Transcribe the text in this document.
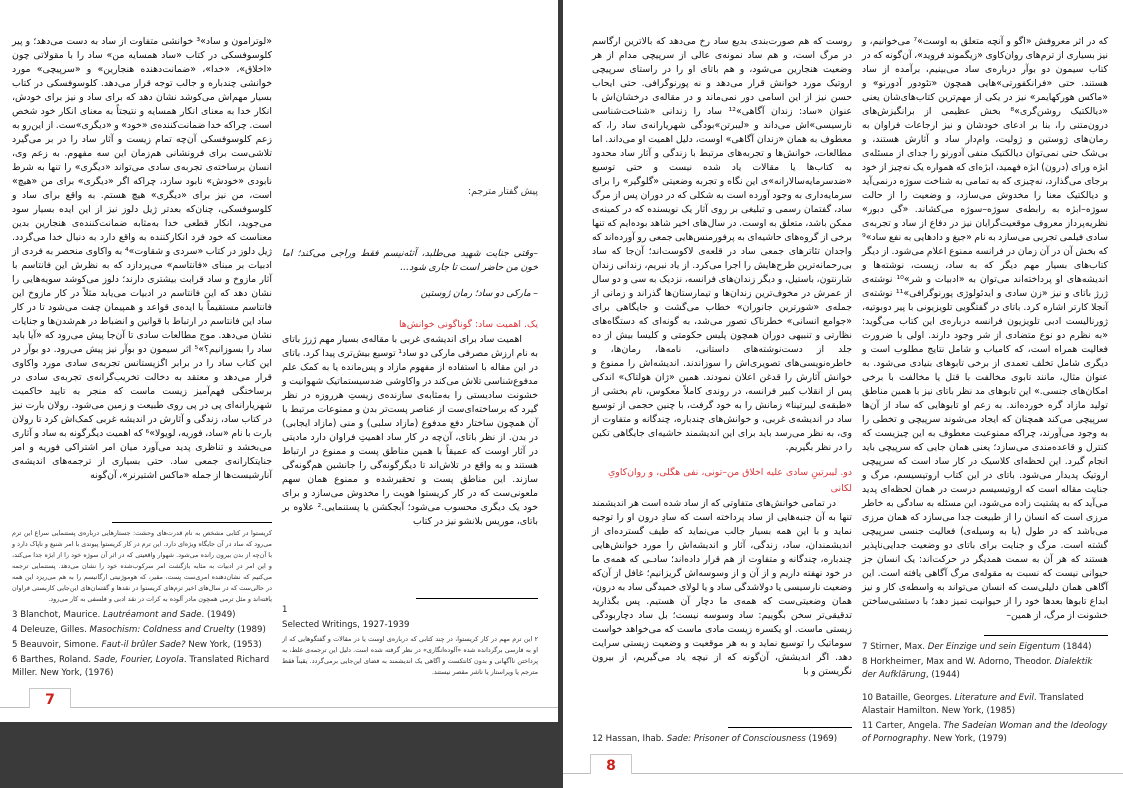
«لوترامون و ساد»³ خوانشی متفاوت از ساد به دست می‌دهد؛ و پیر کلوسوفسکی در کتاب «ساد همسایه من» ساد را با مقولاتی چون «اخلاق»، «خدا»، «ضمانت‌دهنده هنجارین» و «سرپیچی» مورد خوانشی چندباره و جالب توجه قرار می‌دهد. کلوسوفسکی در کتاب بسیار مهم‌اش می‌کوشد نشان دهد که برای ساد و نیز برای خودش، انکار خدا به معنای انکار همسایه و نتیجتاً به معنای انکار خود شخص است. چراکه خدا ضمانت‌کننده‌ی «خود» و «دیگری»‌ست. از این‌رو به زعم کلوسوفسکی آن‌چه تمام زیست و آثار ساد را در بر می‌گیرد تلاشی‌ست برای فرونشانی هم‌زمان این سه مفهوم. به زعم وی، انسان برساخته‌ی تجربه‌ی سادی می‌تواند «دیگری» را تنها به شرط نابودی «خودش» نابود سازد، چراکه اگر «دیگری» برای من «هیچ» است، من نیز برای «دیگری» هیچ هستم. به واقع برای ساد و کلوسوفسکی، چنان‌که بعدتر ژیل دلوز نیز از این ایده بسیار سود می‌جوید، انکار قطعی خدا به‌مثابه ضمانت‌کننده‌ی هنجارین بدین معناست که خود فرد انکارکننده به واقع دارد به دنبال خدا می‌گردد. ژیل دلوز در کتاب «سردی و شقاوت»⁴ به واکاوی منحصر به فردی از ادبیات بر مبنای «فانتاسم» می‌پردازد که به نظرش این فانتاسم با آثار مازوخ و ساد قرابت بیشتری دارند؛ دلوز می‌کوشد سویه‌هایی را نشان دهد که این فانتاسم در ادبیات می‌یابد مثلاً در کار مازوخ این فانتاسم مستقیماً با ایده‌ی قواعد و همپیمان چفت می‌شود تا در کار ساد این فانتاسم در ارتباط با قوانین و انضباط در هم‌شدن‌ها و جنایات نشان می‌دهد. موج مطالعات سادی تا آن‌جا پیش می‌رود که «آیا باید ساد را بسوزانیم؟»⁵ اثر سیمون دو بوآر نیز پیش می‌رود. دو بوآر در این کتاب ساد را در برابر اگزیستانس تجربه‌ی سادی مورد واکاوی قرار می‌دهد و معتقد به دخالت تخریب‌گرانه‌ی تجربه‌ی سادی در برساختگی فهم‌آمیز زیست ماست که منجر به تایید حاکمیت شهریارانه‌ای پی در پی روی طبیعت و زمین می‌شود. رولان بارت نیز در کتاب ساد، زندگی و آثارش در اندیشه غربی کمک‌اش کرد تا رولان بارت با نام «ساد، فوریه، لویولا»⁶ که اهمیت دیگرگونه به ساد و آثاری می‌بخشد و تناظری پدید می‌آورد میان امر اشتراکی فوریه و امر جنایتکارانه‌ی جمعی ساد. حتی بسیاری از ترجمه‌های اندیشه‌ی آنارشیست‌ها از جمله «ماکس اشتیرنر»، آن‌گونه

کریستوا در کتابی مشخص به نام قدرت‌های وحشت: جستارهایی درباره‌ی پستنمایی سراغ این ترم می‌رود که ساد در آن جایگاه ویژه‌ای دارد. این ترم در کار کریستوا پیوندی با امر شنیع و ناپاک دارد و با آن‌چه از بدن بیرون رانده می‌شود. شهوار واقعیتی که در اثر آن سوژه خود را از ابژه جدا می‌کند، و این امر در ادبیات به مثابه بازگشت امر سرکوب‌شده خود را نشان می‌دهد. پستنمایی ترجمه می‌کنیم که نشان‌دهنده امری‌ست پست، مقیر، که هوموژنیتی ارگانیسم را به هم می‌ریزد این همه در حالی‌ست که در سال‌های اخیر ترم‌های کریستوا در نقدها و گفتمان‌های این‌جایی کاربستی فراوان یافته‌اند و مثل ترمی همچون مادر آلوده به کرات در نقد ادبی و فلسفی به کار می‌رود.

3 Blanchot, Maurice. Lautréamont and Sade. (1949)

4 Deleuze, Gilles. Masochism: Coldness and Cruelty (1989)

5 Beauvoir, Simone. Faut-il brûler Sade? New York, (1953)

6 Barthes, Roland. Sade, Fourier, Loyola. Translated Richard Miller. New York, (1976)

پیش گفتار مترجم:

–وقتی جنایت شهید می‌طلبد، آتئه‌نیسم فقط وراجی می‌کند؛ اما خون من حاضر است تا جاری شود...

– مارکی دو ساد؛ رمان ژوستین

یک. اهمیت ساد: گوناگونی خوانش‌ها

اهمیت ساد برای اندیشه‌ی غربی با مقاله‌ی بسیار مهم ژرژ باتای به نام ارزش مصرفی مارکی دو ساد¹ توسیع بیش‌تری پیدا کرد. باتای در این مقاله با استفاده از مفهوم مازاد و پس‌مانده یا به کمک علم مدفوع‌شناسی تلاش می‌کند در واکاوشی ضدسیستماتیک شهوانیت و خشونت سادیستی را به‌مثابه‌ی سازنده‌ی زیستِ هرروزه در نظر گیرد که برساخته‌ای‌ست از عناصر پست‌تر بدن و ممنوعات مرتبط با آن همچون ساختار دفع مدفوع (مازاد سلبی) و منی (مازاد ایجابی) در بدن. از نظر باتای، آن‌چه در کار ساد اهمیتِ فراوان دارد مادیتی در آثار اوست که عمیقاً با همین مناطق پست و ممنوع در ارتباط هستند و به واقع در تلاش‌اند تا دیگرگونه‌گی را جانشین هم‌گونه‌گی سازند. این مناطق پست و تحقیرشده و ممنوع همان سهم ملعونی‌ست که در کار کریستوا هویت را مخدوش می‌سازد و برای خود یک دیگری محسوب می‌شود؛ آبجکشن یا پستنمایی.² علاوه بر باتای، موریس بلانشو نیز در کتاب

1

Selected Writings, 1927-1939

۲ این ترم مهم در کار کریستوا، در چند کتابی که درباره‌ی اوست یا در مقالات و گفتگوهایی که از او به فارسی برگردانده شده «آلوده‌انگاری» در نظر گرفته شده است. دلیل این ترجمه‌ی غلط، به پرداختن ناآگهانی و بدون کانتکست و آگاهی یک اندیشمند به فضای این‌جایی برمی‌گردد. یقیناً فقط مترجم یا ویراستار یا ناشر مقصر نیستند.

7

روست که هم صورت‌بندی بدیع ساد رخ می‌دهد که بالاترین ارگاسم در مرگ است، و هم ساد نمونه‌ی عالی از سرپیچی مدام از هر وضعیت هنجارین می‌شود، و هم باتای او را در راستای سرپیچی اروتیک مورد خوانش قرار می‌دهد و نه پورنوگرافی. حتی ایحاب حسن نیز از این اسامی دور نمی‌ماند و در مقاله‌ی درخشان‌اش با عنوان «ساد: زندان آگاهی»¹² ساد را زندانی «شناخت‌شناسی نارسیسی»‌اش می‌داند و «لیبرتن»بودگی شهریارانه‌ی ساد را، که معطوف به همان «زندان آگاهی» اوست، دلیل اهمیت او می‌داند. اما مطالعات، خوانش‌ها و تجربه‌های مرتبط با زندگی و آثار ساد محدود به کتاب‌ها یا مقالات یاد شده نیست و حتی توسیع «ضدسرمایه‌سالارانه»ی این نگاه و تجربه وضعیتی «گلوگیر» را برای سرمایه‌داری به وجود آورده است به شکلی که در دوران پس از مرگ ساد، گفتمان رسمی و تبلیغی بر روی آثار یک نویسنده که در کمینه‌ی ممکن باشد، متعلق به اوست. در سال‌های اخیر شاهد بوده‌ایم که تنها برخی از گروه‌های حاشیه‌ای به پرفورمنس‌هایی جمعی رو آورده‌اند که واجدان تئاترهای جمعی ساد در قلعه‌ی لاکوست‌اند؛ آن‌جا که ساد بی‌رحمانه‌ترین طرح‌هایش را اجرا می‌کرد. از یاد نبریم، زندانی زندان شارنتون، باستیل، و دیگر زندان‌های فرانسه، نزدیک به سی و دو سال از عمرش در مخوف‌ترین زندان‌ها و تیمارستان‌ها گذراند و زمانی از جمله‌ی «شورترین جانوران» خطاب می‌گشت و جایگاهی برای «جوامع انسانی» خطرناک تصور می‌شد، به گونه‌ای که دستگاه‌های نظارتی و تنبیهی دوران همچون پلیس حکومتی و کلیسا بیش از ده جلد از دست‌نوشته‌های داستانی، نامه‌ها، رمان‌ها، و خاطره‌نویسی‌های تصویری‌اش را سوزاندند. اندیشه‌اش را ممنوع و خوانش آثارش را قدغن اعلان نمودند. همین «ژان هولتاک» اندکی پس از انقلاب کبیر فرانسه، در روندی کاملاً معکوس، نام بخشی از «طبقه‌ی لیبرتینا» زمانش را به خود گرفت، با چنین حجمی از توسیع ساد در اندیشه‌ی غربی، و خوانش‌های چندباره، چندگانه و متفاوت از وی، به نظر می‌رسد باید برای این اندیشمند حاشیه‌ای جایگاهی تکین را در نظر بگیریم.

دو. لیبرتینِ سادی علیه اخلاق من–تونی، نفی هگلی، و روان‌کاویِ لکانی

در تمامی خوانش‌های متفاوتی که از ساد شده است هر اندیشمند تنها به آن جنبه‌هایی از ساد پرداخته است که سادِ درون او را توجیه نماید و با این همه بسیار جالب می‌نماید که طیف گسترده‌ای از اندیشمندان، ساد، زندگی، آثار و اندیشه‌اش را مورد خوانش‌هایی چندباره، چندگانه و متفاوت از هم قرار داده‌اند؛ سادـی که همه‌ی ما در خود نهفته داریم و از آن و از وسوسه‌اش گریزانیم؛ غافل از آن‌که وضعیت نارسیسی یا دولاشدگی ساد و یا لولای خمیدگی ساد به درون، همان وضعیتی‌ست که همه‌ی ما دچار آن هستیم. پس بگذارید تدقیقی‌تر سخن بگوییم: ساد وسوسه نیست؛ بل ساد دچاربودگی زیستی ماست. او یکسره زیست مادی ماست که می‌خواهد خواست سوماتیک را توسیع نماید و به هر موقعیت و وضعیت زیستی سرایت دهد. اگر اندیشش، آن‌گونه که از نیچه یاد می‌گیریم، از بیرون نگریستن و با

12 Hassan, Ihab. Sade: Prisoner of Consciousness (1969)

که در اثر معروفش «اگو و آنچه متعلق به اوست»⁷ می‌خوانیم، و نیز بسیاری از ترم‌های روان‌کاوی «زیگموند فروید»، آن‌گونه که در کتاب سیمون دو بوآر درباره‌ی ساد می‌بینیم، برآمده از ساد هستند. حتی «فرانکفورتی»هایی همچون «تئودور آدورنو» و «ماکس هورکهایمر» نیز در یکی از مهم‌ترین کتاب‌های‌شان یعنی «دیالکتیک روشن‌گری»⁸ بخش عظیمی از برانگیزش‌های درون‌متنی را، بنا بر ادعای خودشان و نیز ارجاعات فراوان به رمان‌های ژوستین و ژولیت، وام‌دار ساد و آثارش هستند، و بی‌شک حتی نمی‌توان دیالکتیک منفی آدورنو را جدای از مسئله‌ی ابژه ورای (درون) ابژه فهمید، ابژه‌ای که همواره یک نه‌چیز از خود برجای می‌گذارد، نه‌چیزی که به تمامی به شناخت سوژه درنمی‌آید و دیالکتیک معنا را مخدوش می‌سازد، و وضعیت را از حالت سوژه–ابژه به رابطه‌ی سوژه–سوژه می‌کشاند. «گی دبور» نظریه‌پرداز معروف موقعیت‌گرایان نیز در دفاع از ساد و تجربه‌ی سادی فیلمی تجربی می‌سازد به نام «جیغ و دادهایی به نفع ساد»⁹ که بخش آن در آن زمان در فرانسه ممنوع اعلام می‌شود. از دیگر کتاب‌های بسیار مهم دیگر که به ساد، زیست، نوشته‌ها و اندیشه‌های او پرداخته‌اند می‌توان به «ادبیات و شر»¹⁰ نوشته‌ی ژرژ باتای و نیز «زن سادی و ایدئولوژی پورنوگرافی»¹¹ نوشته‌ی آنجلا کارتر اشاره کرد. باتای در گفتگویی تلویزیونی با پیر دوبوتیه، ژورنالیست ادبی تلویزیون فرانسه درباره‌ی این کتاب می‌گوید: «به نظرم دو نوع متضادی از شر وجود دارند. اولی با ضرورت فعالیت همراه است، که کامیاب و شامل نتایج مطلوب است و دیگری شامل تخلف تعمدی از برخی تابوهای بنیادی می‌شود. به عنوان مثال، مانند تابوی مخالفت با قتل یا مخالفت با برخی امکان‌های جنسی.» این تابوهای مد نظر باتای نیز با همین مناطق تولید مازاد گره خورده‌اند. به زعم او تابوهایی که ساد از آن‌ها سرپیچی می‌کند همچنان که ایجاد می‌شوند سرپیچی و تخطی را به وجود می‌آورند، چراکه ممنوعیت معطوف به این چیزیست که کنترل و قاعده‌مندی می‌سازد؛ یعنی همان جایی که سرپیچی باید انجام گیرد. این لحظه‌ای کلاسیک در کار ساد است که سرپیچی اروتیک پدیدار می‌شود. باتای در این کتاب اروتیسیسم، مرگ و جنایت مقاله است که اروتیسیسم درست در همان لحظه‌ای پدید می‌آید که به پشتیت زاده می‌شود، این مسئله به سادگی به خاطر مرزی است که انسان را از طبیعت جدا می‌سازد که همان مرزی می‌باشد که در طول (یا به وسیله‌ی) فعالیت جنسی سرپیچی گشته است. مرگ و جنایت برای باتای دو وضعیت جدایی‌ناپذیر هستند که هر آن به سمت همدیگر در حرکت‌اند: یک انسان جز حیوانی نیست که نسبت به مقوله‌ی مرگ آگاهی یافته است. این آگاهی همان دلیلی‌ست که انسان می‌تواند به واسطه‌ی کار و نیز ابداع تابوها بعدها خود را از حیوانیت تمیز دهد؛ با دستشی‌ساختن خشونت از مرگ، از همین–

7 Stirner, Max. Der Einzige und sein Eigentum (1844)

8 Horkheimer, Max and W. Adorno, Theodor. Dialektik der Aufklärung, (1944)

10 Bataille, Georges. Literature and Evil. Translated Alastair Hamilton. New York, (1985)

11 Carter, Angela. The Sadeian Woman and the Ideology of Pornography. New York, (1979)

8
